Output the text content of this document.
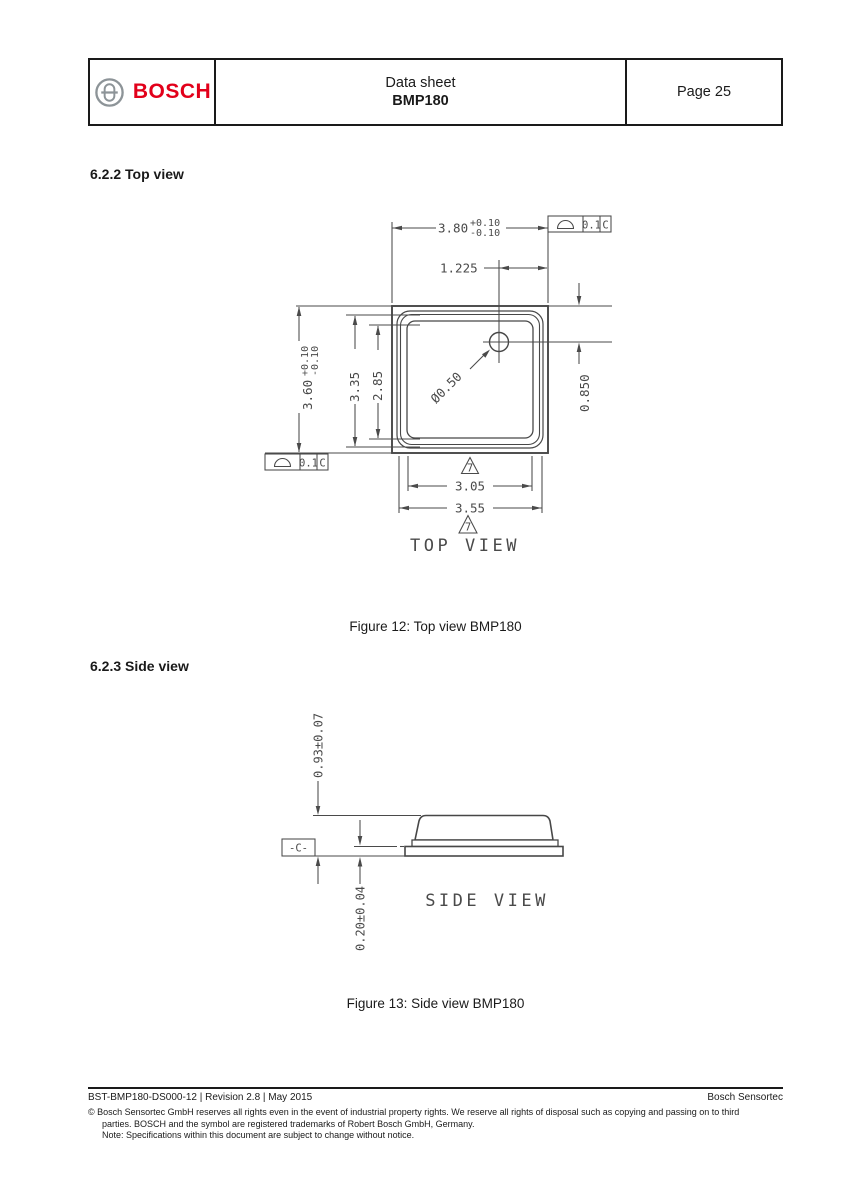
BOSCH	Data sheet
BMP180
Page 25
6.2.2 Top view
3.80 +0.10
-0.10
1.225
3.60
+0.10 -0.10
3.35 2.85	0.850
Ø0.50
3.05
3.55
7
7
0.1 C
0.1 C
TOP VIEW
Figure 12: Top view BMP180
6.2.3 Side view
0.93±0.07
0.20±0.04
-C-
SIDE VIEW
Figure 13: Side view BMP180
BST-BMP180-DS000-12 | Revision 2.8 | May 2015	Bosch Sensortec
© Bosch Sensortec GmbH reserves all rights even in the event of industrial property rights. We reserve all rights of disposal such as copying and passing on to third
parties. BOSCH and the symbol are registered trademarks of Robert Bosch GmbH, Germany.
Note: Specifications within this document are subject to change without notice.
